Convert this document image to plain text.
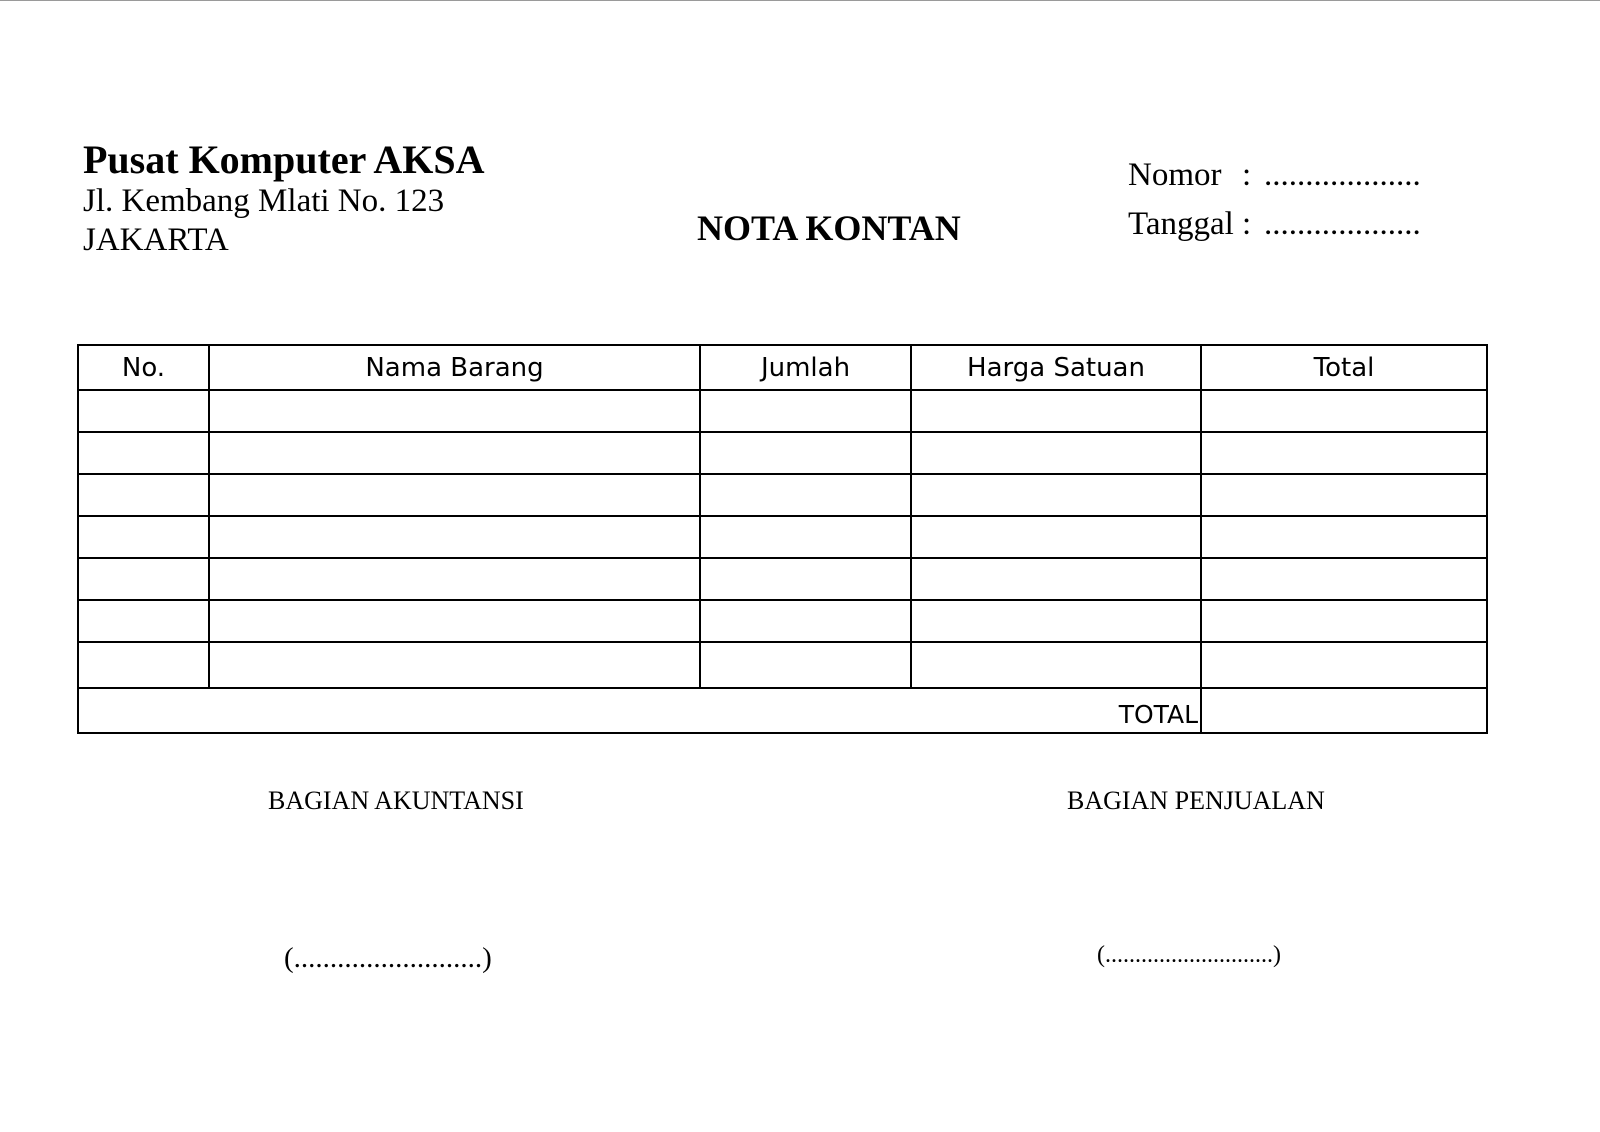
Pusat Komputer AKSA
Jl. Kembang Mlati No. 123
JAKARTA	NOTA KONTAN
Nomor : ...................
Tanggal : ...................
No.	Nama Barang	Jumlah	Harga Satuan	Total

TOTAL				
BAGIAN AKUNTANSI	BAGIAN PENJUALAN
(..........................)	(............................)
